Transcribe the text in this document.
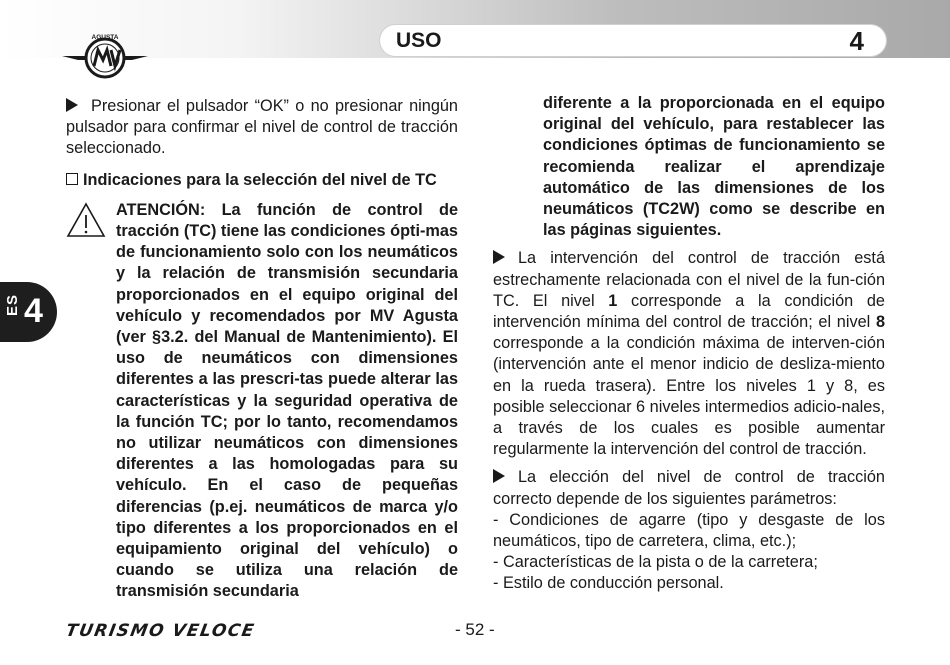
AGUSTA	USO	4
ES 4

Presionar el pulsador “OK” o no presionar ningún pulsador para confirmar el nivel de control de tracción seleccionado.

Indicaciones para la selección del nivel de TC

ATENCIÓN: La función de control de tracción (TC) tiene las condiciones ópti-mas de funcionamiento solo con los neumáticos y la relación de transmisión secundaria proporcionados en el equipo original del vehículo y recomendados por MV Agusta (ver §3.2. del Manual de Mantenimiento). El uso de neumáticos con dimensiones diferentes a las prescri-tas puede alterar las características y la seguridad operativa de la función TC; por lo tanto, recomendamos no utilizar neumáticos con dimensiones diferentes a las homologadas para su vehículo. En el caso de pequeñas diferencias (p.ej. neumáticos de marca y/o tipo diferentes a los proporcionados en el equipamiento original del vehículo) o cuando se utiliza una relación de transmisión secundaria

diferente a la proporcionada en el equipo original del vehículo, para restablecer las condiciones óptimas de funcionamiento se recomienda realizar el aprendizaje automático de las dimensiones de los neumáticos (TC2W) como se describe en las páginas siguientes.

La intervención del control de tracción está estrechamente relacionada con el nivel de la fun-ción TC. El nivel 1 corresponde a la condición de intervención mínima del control de tracción; el nivel 8 corresponde a la condición máxima de interven-ción (intervención ante el menor indicio de desliza-miento en la rueda trasera). Entre los niveles 1 y 8, es posible seleccionar 6 niveles intermedios adicio-nales, a través de los cuales es posible aumentar regularmente la intervención del control de tracción.

La elección del nivel de control de tracción correcto depende de los siguientes parámetros:

- Condiciones de agarre (tipo y desgaste de los neumáticos, tipo de carretera, clima, etc.);

- Características de la pista o de la carretera;

- Estilo de conducción personal.

TURISMO VELOCE	- 52 -
